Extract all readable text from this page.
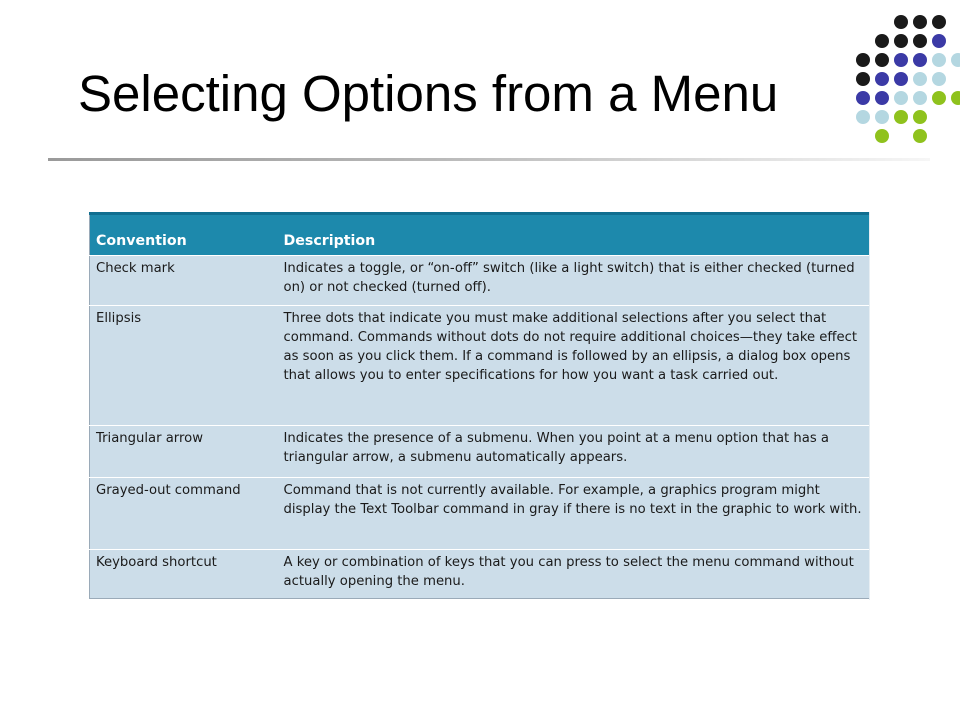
Selecting Options from a Menu
Convention	Description
Check mark	Indicates a toggle, or “on-off” switch (like a light switch) that is either checked (turned on) or not checked (turned off).
Ellipsis	Three dots that indicate you must make additional selections after you select that command. Commands without dots do not require additional choices—they take effect as soon as you click them. If a command is followed by an ellipsis, a dialog box opens that allows you to enter specifications for how you want a task carried out.
Triangular arrow	Indicates the presence of a submenu. When you point at a menu option that has a triangular arrow, a submenu automatically appears.
Grayed-out command	Command that is not currently available. For example, a graphics program might display the Text Toolbar command in gray if there is no text in the graphic to work with.
Keyboard shortcut	A key or combination of keys that you can press to select the menu command without actually opening the menu.
